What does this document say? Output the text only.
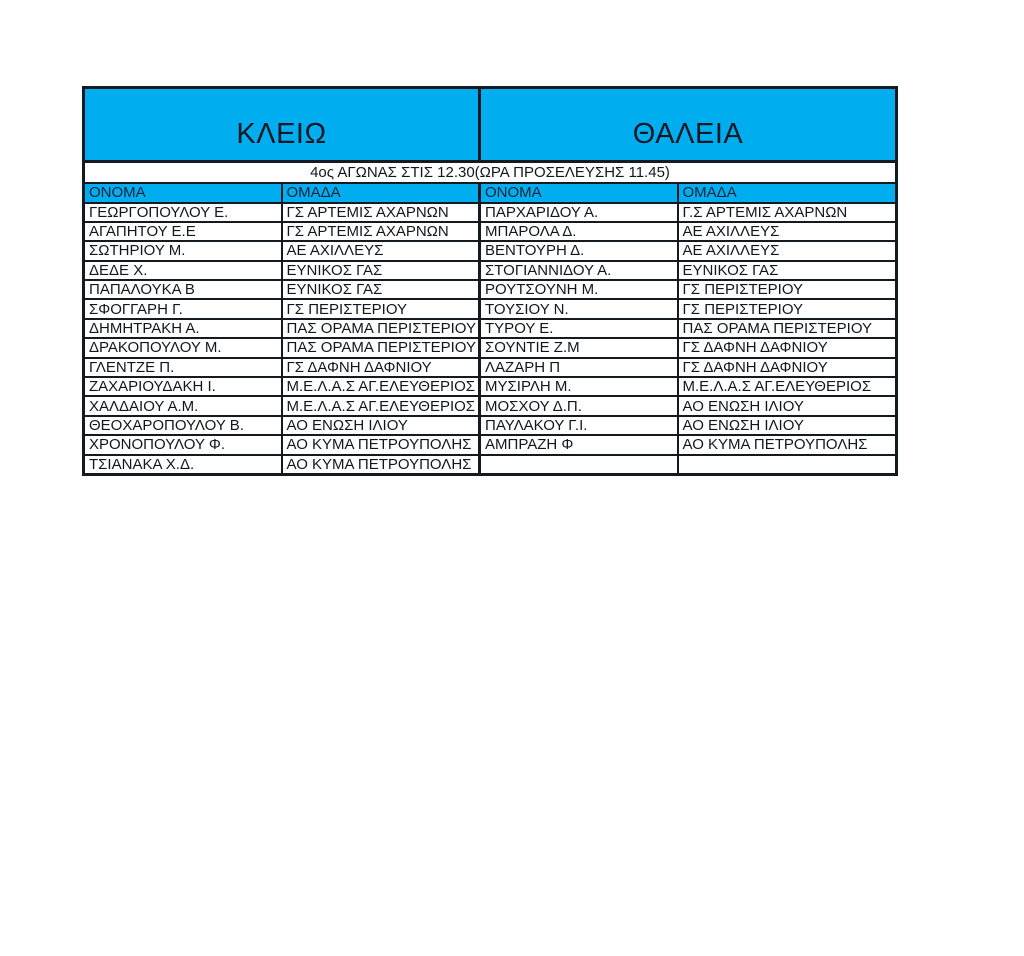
ΚΛΕΙΩ		ΘΑΛΕΙΑ	
4ος ΑΓΩΝΑΣ ΣΤΙΣ 12.30(ΩΡΑ ΠΡΟΣΕΛΕΥΣΗΣ 11.45)			
ΟΝΟΜΑ	ΟΜΑΔΑ	ΟΝΟΜΑ	ΟΜΑΔΑ
ΓΕΩΡΓΟΠΟΥΛΟΥ Ε.	ΓΣ ΑΡΤΕΜΙΣ ΑΧΑΡΝΩΝ	ΠΑΡΧΑΡΙΔΟΥ Α.	Γ.Σ ΑΡΤΕΜΙΣ ΑΧΑΡΝΩΝ
ΑΓΑΠΗΤΟΥ Ε.Ε	ΓΣ ΑΡΤΕΜΙΣ ΑΧΑΡΝΩΝ	ΜΠΑΡΟΛΑ Δ.	ΑΕ ΑΧΙΛΛΕΥΣ
ΣΩΤΗΡΙΟΥ Μ.	ΑΕ ΑΧΙΛΛΕΥΣ	ΒΕΝΤΟΥΡΗ Δ.	ΑΕ ΑΧΙΛΛΕΥΣ
ΔΕΔΕ Χ.	ΕΥΝΙΚΟΣ ΓΑΣ	ΣΤΟΓΙΑΝΝΙΔΟΥ Α.	ΕΥΝΙΚΟΣ ΓΑΣ
ΠΑΠΑΛΟΥΚΑ Β	ΕΥΝΙΚΟΣ ΓΑΣ	ΡΟΥΤΣΟΥΝΗ Μ.	ΓΣ ΠΕΡΙΣΤΕΡΙΟΥ
ΣΦΟΓΓΑΡΗ Γ.	ΓΣ ΠΕΡΙΣΤΕΡΙΟΥ	ΤΟΥΣΙΟΥ Ν.	ΓΣ ΠΕΡΙΣΤΕΡΙΟΥ
ΔΗΜΗΤΡΑΚΗ Α.	ΠΑΣ ΟΡΑΜΑ ΠΕΡΙΣΤΕΡΙΟΥ	ΤΥΡΟΥ Ε.	ΠΑΣ ΟΡΑΜΑ ΠΕΡΙΣΤΕΡΙΟΥ
ΔΡΑΚΟΠΟΥΛΟΥ Μ.	ΠΑΣ ΟΡΑΜΑ ΠΕΡΙΣΤΕΡΙΟΥ	ΣΟΥΝΤΙΕ Ζ.Μ	ΓΣ ΔΑΦΝΗ ΔΑΦΝΙΟΥ
ΓΛΕΝΤΖΕ Π.	ΓΣ ΔΑΦΝΗ ΔΑΦΝΙΟΥ	ΛΑΖΑΡΗ Π	ΓΣ ΔΑΦΝΗ ΔΑΦΝΙΟΥ
ΖΑΧΑΡΙΟΥΔΑΚΗ Ι.	Μ.Ε.Λ.Α.Σ ΑΓ.ΕΛΕΥΘΕΡΙΟΣ	ΜΥΣΙΡΛΗ Μ.	Μ.Ε.Λ.Α.Σ ΑΓ.ΕΛΕΥΘΕΡΙΟΣ
ΧΑΛΔΑΙΟΥ Α.Μ.	Μ.Ε.Λ.Α.Σ ΑΓ.ΕΛΕΥΘΕΡΙΟΣ	ΜΟΣΧΟΥ Δ.Π.	ΑΟ ΕΝΩΣΗ ΙΛΙΟΥ
ΘΕΟΧΑΡΟΠΟΥΛΟΥ Β.	ΑΟ ΕΝΩΣΗ ΙΛΙΟΥ	ΠΑΥΛΑΚΟΥ Γ.Ι.	ΑΟ ΕΝΩΣΗ ΙΛΙΟΥ
ΧΡΟΝΟΠΟΥΛΟΥ Φ.	ΑΟ ΚΥΜΑ ΠΕΤΡΟΥΠΟΛΗΣ	ΑΜΠΡΑΖΗ Φ	ΑΟ ΚΥΜΑ ΠΕΤΡΟΥΠΟΛΗΣ
ΤΣΙΑΝΑΚΑ Χ.Δ.	ΑΟ ΚΥΜΑ ΠΕΤΡΟΥΠΟΛΗΣ		
